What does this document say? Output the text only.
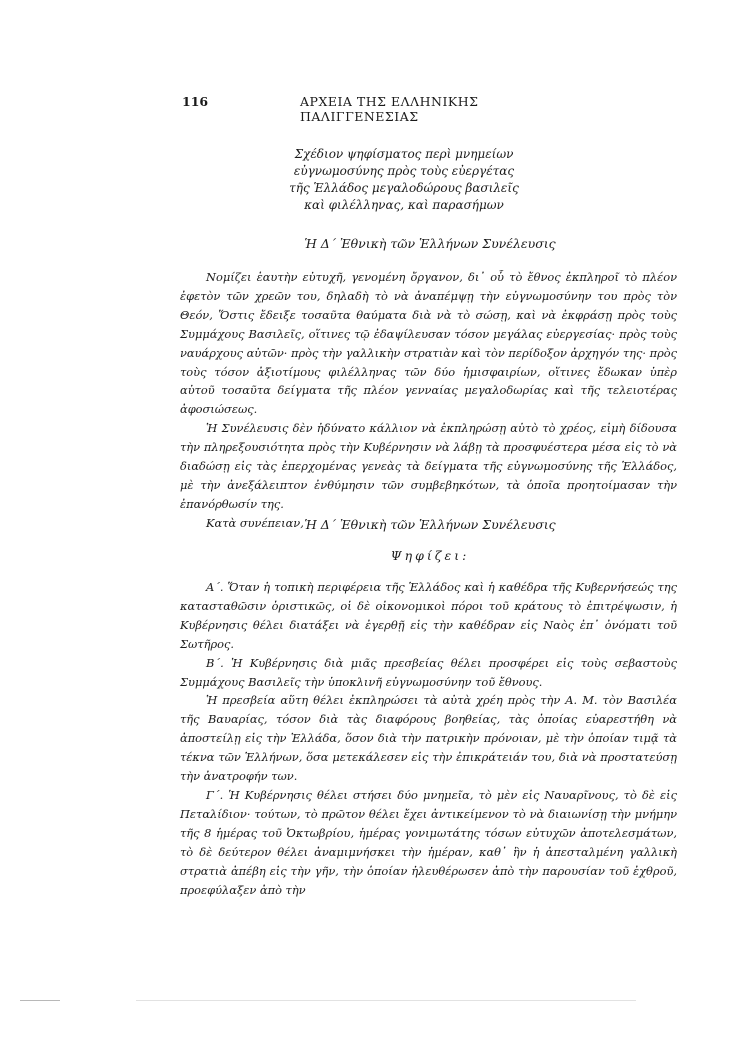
116	ΑΡΧΕΙΑ ΤΗΣ ΕΛΛΗΝΙΚΗΣ ΠΑΛΙΓΓΕΝΕΣΙΑΣ
Σχέδιον ψηφίσματος περὶ μνημείων
εὐγνωμοσύνης πρὸς τοὺς εὐεργέτας
τῆς Ἑλλάδος μεγαλοδώρους βασιλεῖς
καὶ φιλέλληνας, καὶ παρασήμων
Ἡ Δ΄ Ἐθνικὴ τῶν Ἑλλήνων Συνέλευσις

Νομίζει ἑαυτὴν εὐτυχῆ, γενομένη ὄργανον, δι᾽ οὗ τὸ ἔθνος ἐκπληροῖ τὸ πλέον ἐφετὸν τῶν χρεῶν του, δηλαδὴ τὸ νὰ ἀναπέμψῃ τὴν εὐγνωμοσύνην του πρὸς τὸν Θεόν, Ὅστις ἔδειξε τοσαῦτα θαύματα διὰ νὰ τὸ σώσῃ, καὶ νὰ ἐκφράσῃ πρὸς τοὺς Συμμάχους Βασιλεῖς, οἵτινες τῷ ἐδαψίλευσαν τόσον μεγάλας εὐεργεσίας· πρὸς τοὺς ναυάρχους αὐτῶν· πρὸς τὴν γαλλικὴν στρατιὰν καὶ τὸν περίδοξον ἀρχηγόν της· πρὸς τοὺς τόσον ἀξιοτίμους φιλέλληνας τῶν δύο ἡμισφαιρίων, οἵτινες ἔδωκαν ὑπὲρ αὐτοῦ τοσαῦτα δείγματα τῆς πλέον γενναίας μεγαλοδωρίας καὶ τῆς τελειοτέρας ἀφοσιώσεως.

Ἡ Συνέλευσις δὲν ἠδύνατο κάλλιον νὰ ἐκπληρώσῃ αὐτὸ τὸ χρέος, εἰμὴ δίδουσα τὴν πληρεξουσιότητα πρὸς τὴν Κυβέρνησιν νὰ λάβῃ τὰ προσφυέστερα μέσα εἰς τὸ νὰ διαδώσῃ εἰς τὰς ἐπερχομένας γενεὰς τὰ δείγματα τῆς εὐγνωμοσύνης τῆς Ἑλλάδος, μὲ τὴν ἀνεξάλειπτον ἐνθύμησιν τῶν συμβεβηκότων, τὰ ὁποῖα προητοίμασαν τὴν ἐπανόρθωσίν της.

Κατὰ συνέπειαν, Ἡ Δ΄ Ἐθνικὴ τῶν Ἑλλήνων Συνέλευσις
Ψηφίζει:

Α΄. Ὅταν ἡ τοπικὴ περιφέρεια τῆς Ἑλλάδος καὶ ἡ καθέδρα τῆς Κυβερνήσεώς της κατασταθῶσιν ὁριστικῶς, οἱ δὲ οἰκονομικοὶ πόροι τοῦ κράτους τὸ ἐπιτρέψωσιν, ἡ Κυβέρνησις θέλει διατάξει νὰ ἐγερθῇ εἰς τὴν καθέδραν εἰς Ναὸς ἐπ᾽ ὀνόματι τοῦ Σωτῆρος.

Β΄. Ἡ Κυβέρνησις διὰ μιᾶς πρεσβείας θέλει προσφέρει εἰς τοὺς σεβαστοὺς Συμμάχους Βασιλεῖς τὴν ὑποκλινῆ εὐγνωμοσύνην τοῦ ἔθνους.

Ἡ πρεσβεία αὕτη θέλει ἐκπληρώσει τὰ αὐτὰ χρέη πρὸς τὴν Α. Μ. τὸν Βασιλέα τῆς Βαυαρίας, τόσον διὰ τὰς διαφόρους βοηθείας, τὰς ὁποίας εὐαρεστήθη νὰ ἀποστείλῃ εἰς τὴν Ἑλλάδα, ὅσον διὰ τὴν πατρικὴν πρόνοιαν, μὲ τὴν ὁποίαν τιμᾷ τὰ τέκνα τῶν Ἑλλήνων, ὅσα μετεκάλεσεν εἰς τὴν ἐπικράτειάν του, διὰ νὰ προστατεύσῃ τὴν ἀνατροφήν των.

Γ΄. Ἡ Κυβέρνησις θέλει στήσει δύο μνημεῖα, τὸ μὲν εἰς Ναυαρῖνους, τὸ δὲ εἰς Πεταλίδιον· τούτων, τὸ πρῶτον θέλει ἔχει ἀντικείμενον τὸ νὰ διαιωνίσῃ τὴν μνήμην τῆς 8 ἡμέρας τοῦ Ὀκτωβρίου, ἡμέρας γονιμωτάτης τόσων εὐτυχῶν ἀποτελεσμάτων, τὸ δὲ δεύτερον θέλει ἀναμιμνήσκει τὴν ἡμέραν, καθ᾽ ἣν ἡ ἀπεσταλμένη γαλλικὴ στρατιὰ ἀπέβη εἰς τὴν γῆν, τὴν ὁποίαν ἠλευθέρωσεν ἀπὸ τὴν παρουσίαν τοῦ ἐχθροῦ, προεφύλαξεν ἀπὸ τὴν
